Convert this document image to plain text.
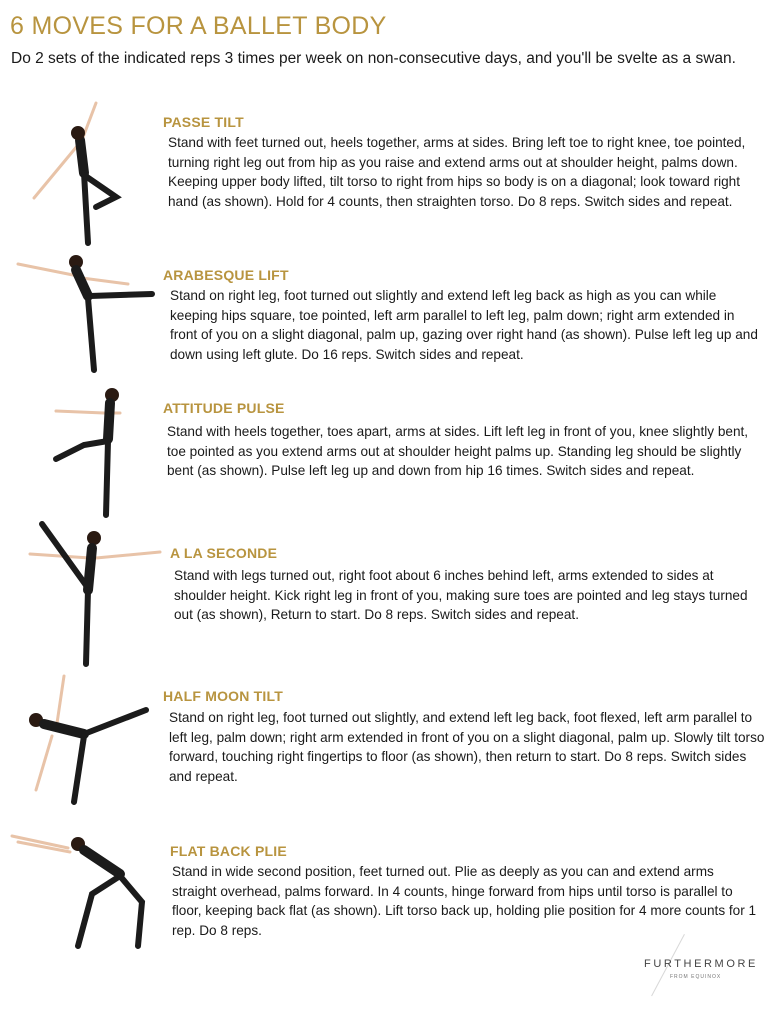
6 MOVES FOR A BALLET BODY

Do 2 sets of the indicated reps 3 times per week on non-consecutive days, and you'll be svelte as a swan.

PASSE TILT

Stand with feet turned out, heels together, arms at sides. Bring left toe to right knee, toe pointed, turning right leg out from hip as you raise and extend arms out at shoulder height, palms down. Keeping upper body lifted, tilt torso to right from hips so body is on a diagonal; look toward right hand (as shown). Hold for 4 counts, then straighten torso. Do 8 reps. Switch sides and repeat.

ARABESQUE LIFT

Stand on right leg, foot turned out slightly and extend left leg back as high as you can while keeping hips square, toe pointed, left arm parallel to left leg, palm down; right arm extended in front of you on a slight diagonal, palm up, gazing over right hand (as shown). Pulse left leg up and down using left glute. Do 16 reps. Switch sides and repeat.

ATTITUDE PULSE

Stand with heels together, toes apart, arms at sides. Lift left leg in front of you, knee slightly bent, toe pointed as you extend arms out at shoulder height palms up. Standing leg should be slightly bent (as shown). Pulse left leg up and down from hip 16 times. Switch sides and repeat.

A LA SECONDE

Stand with legs turned out, right foot about 6 inches behind left, arms extended to sides at shoulder height. Kick right leg in front of you, making sure toes are pointed and leg stays turned out (as shown), Return to start. Do 8 reps. Switch sides and repeat.

HALF MOON TILT

Stand on right leg, foot turned out slightly, and extend left leg back, foot flexed, left arm parallel to left leg, palm down; right arm extended in front of you on a slight diagonal, palm up. Slowly tilt torso forward, touching right fingertips to floor (as shown), then return to start. Do 8 reps. Switch sides and repeat.

FLAT BACK PLIE

Stand in wide second position, feet turned out. Plie as deeply as you can and extend arms straight overhead, palms forward. In 4 counts, hinge forward from hips until torso is parallel to floor, keeping back flat (as shown). Lift torso back up, holding plie position for 4 more counts for 1 rep. Do 8 reps.

FURTHERMORE
FROM EQUINOX
